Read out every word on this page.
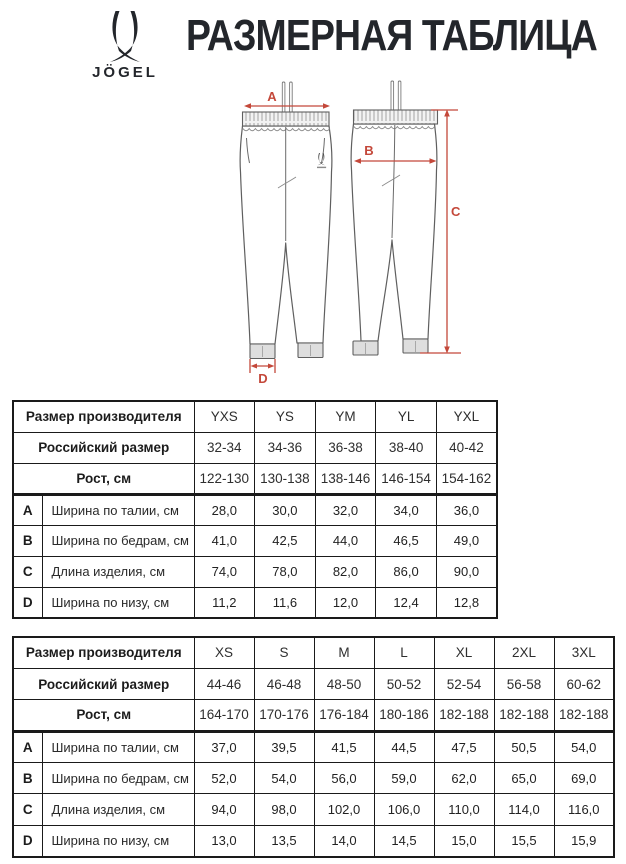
JÖGEL
РАЗМЕРНАЯ ТАБЛИЦА
A
B
C
D
Размер производителя		YXS	YS	YM	YL	YXL
Российский размер		32-34	34-36	36-38	38-40	40-42
Рост, см		122-130	130-138	138-146	146-154	154-162
A	Ширина по талии, см	28,0	30,0	32,0	34,0	36,0
B	Ширина по бедрам, см	41,0	42,5	44,0	46,5	49,0
C	Длина изделия, см	74,0	78,0	82,0	86,0	90,0
D	Ширина по низу, см	11,2	11,6	12,0	12,4	12,8
Размер производителя		XS	S	M	L	XL	2XL	3XL
Российский размер		44-46	46-48	48-50	50-52	52-54	56-58	60-62
Рост, см		164-170	170-176	176-184	180-186	182-188	182-188	182-188
A	Ширина по талии, см	37,0	39,5	41,5	44,5	47,5	50,5	54,0
B	Ширина по бедрам, см	52,0	54,0	56,0	59,0	62,0	65,0	69,0
C	Длина изделия, см	94,0	98,0	102,0	106,0	110,0	114,0	116,0
D	Ширина по низу, см	13,0	13,5	14,0	14,5	15,0	15,5	15,9
